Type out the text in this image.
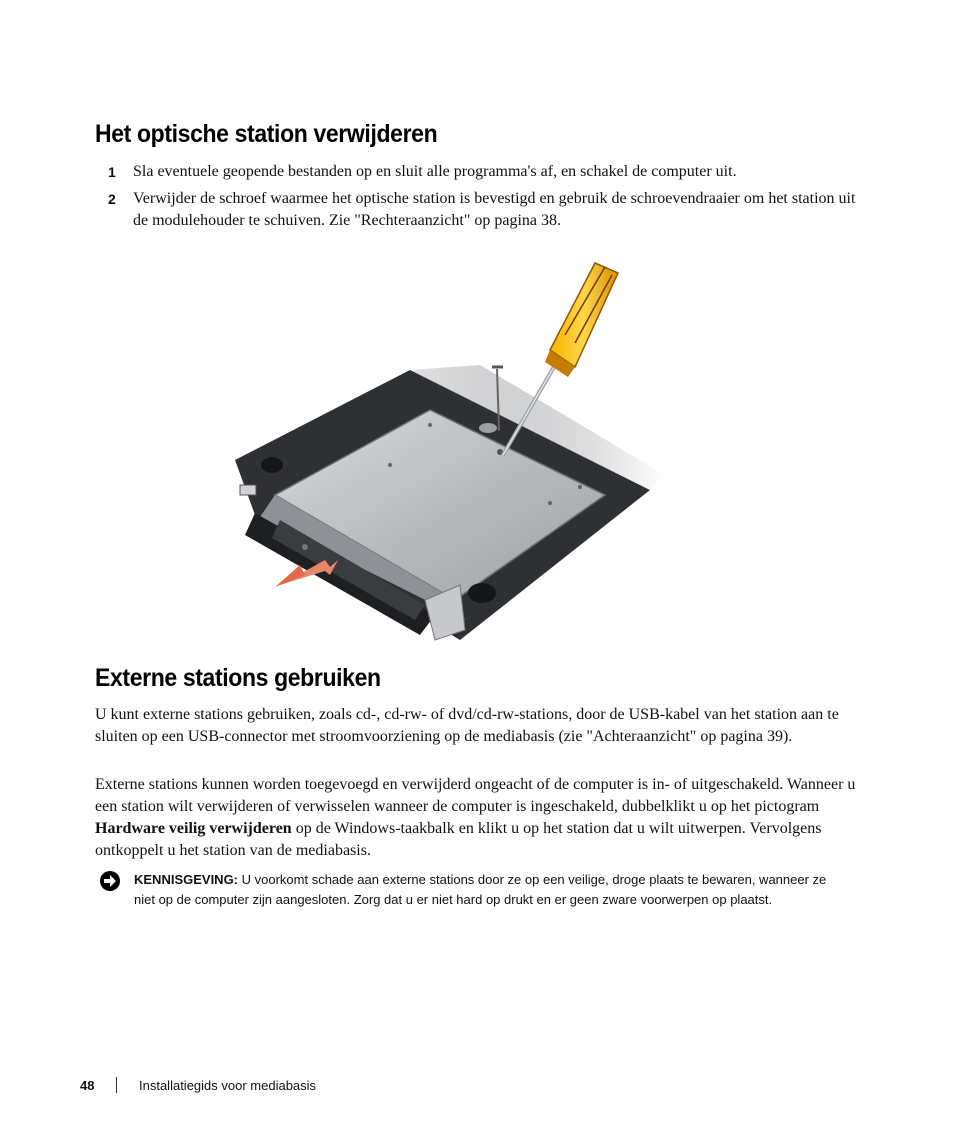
Het optische station verwijderen
1 Sla eventuele geopende bestanden op en sluit alle programma's af, en schakel de computer uit.
2 Verwijder de schroef waarmee het optische station is bevestigd en gebruik de schroevendraaier om het station uit de modulehouder te schuiven. Zie "Rechteraanzicht" op pagina 38.
Externe stations gebruiken

U kunt externe stations gebruiken, zoals cd-, cd-rw- of dvd/cd-rw-stations, door de USB-kabel van het station aan te sluiten op een USB-connector met stroomvoorziening op de mediabasis (zie "Achteraanzicht" op pagina 39).

Externe stations kunnen worden toegevoegd en verwijderd ongeacht of de computer is in- of uitgeschakeld. Wanneer u een station wilt verwijderen of verwisselen wanneer de computer is ingeschakeld, dubbelklikt u op het pictogram Hardware veilig verwijderen op de Windows-taakbalk en klikt u op het station dat u wilt uitwerpen. Vervolgens ontkoppelt u het station van de mediabasis.

KENNISGEVING: U voorkomt schade aan externe stations door ze op een veilige, droge plaats te bewaren, wanneer ze niet op de computer zijn aangesloten. Zorg dat u er niet hard op drukt en er geen zware voorwerpen op plaatst.
48	Installatiegids voor mediabasis
